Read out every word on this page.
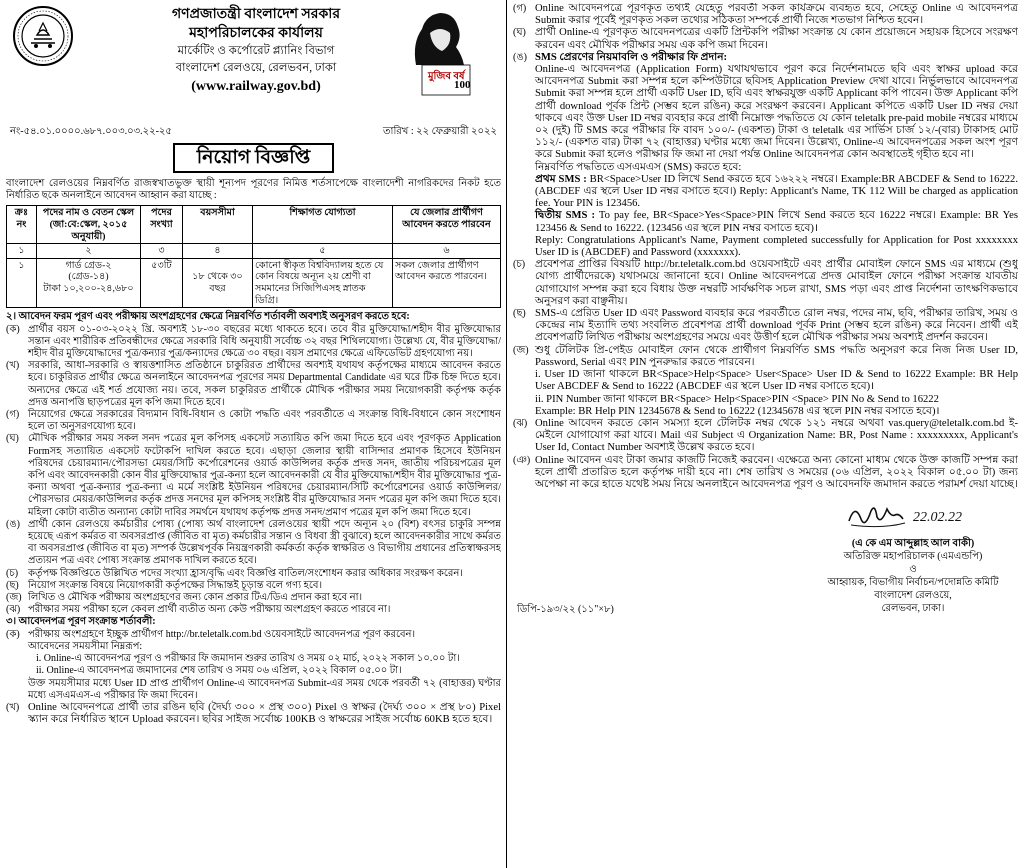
গণপ্রজাতন্ত্রী বাংলাদেশ সরকার
মহাপরিচালকের কার্যালয়
মার্কেটিং ও কর্পোরেট প্ল্যানিং বিভাগ
বাংলাদেশ রেলওয়ে, রেলভবন, ঢাকা
(www.railway.gov.bd)
মুজিব বর্ষ
100
নং-৫৪.০১.০০০০.৬৮৭.০০৩.০৩.২২-২৫	তারিখ : ২২ ফেব্রুয়ারী ২০২২
নিয়োগ বিজ্ঞপ্তি
বাংলাদেশ রেলওয়ের নিম্নবর্ণিত রাজস্বখাতভুক্ত স্থায়ী শূন্যপদ পূরণের নিমিত্ত শর্তসাপেক্ষে বাংলাদেশী নাগরিকদের নিকট হতে নির্ধারিত ছকে অনলাইনে আবেদন আহ্বান করা যাচ্ছে :
ক্রঃ নং	পদের নাম ও বেতন স্কেল (জা:বে:স্কেল, ২০১৫ অনুযায়ী)	পদের সংখ্যা	বয়সসীমা	শিক্ষাগত যোগ্যতা	যে জেলার প্রার্থীগণ আবেদন করতে পারবেন
১	২	৩	৪	৫	৬
১	গার্ড গ্রেড-২
(গ্রেড-১৪)
টাকা ১০,২০০-২৪,৬৮০	৫৩টি	১৮ থেকে ৩০ বছর	কোনো স্বীকৃত বিশ্ববিদ্যালয় হতে যে কোন বিষয়ে অন্যূন ২য় শ্রেণী বা সমমানের সিজিপিএসহ স্নাতক ডিগ্রি।	সকল জেলার প্রার্থীগণ আবেদন করতে পারবেন।
২। আবেদন ফরম পূরণ এবং পরীক্ষায় অংশগ্রহণের ক্ষেত্রে নিম্নবর্ণিত শর্তাবলী অবশ্যই অনুসরণ করতে হবে:
(ক) প্রার্থীর বয়স ০১-০৩-২০২২ খ্রি. অবশ্যই ১৮-৩০ বছরের মধ্যে থাকতে হবে। তবে বীর মুক্তিযোদ্ধা/শহীদ বীর মুক্তিযোদ্ধার সন্তান এবং শারীরিক প্রতিবন্ধীদের ক্ষেত্রে সরকারি বিধি অনুযায়ী সর্বোচ্চ ৩২ বছর শিথিলযোগ্য। উল্লেখ্য যে, বীর মুক্তিযোদ্ধা/শহীদ বীর মুক্তিযোদ্ধাদের পুত্র/কন্যার পুত্র/কন্যাদের ক্ষেত্রে ৩০ বছর। বয়স প্রমাণের ক্ষেত্রে এফিডেভিট গ্রহণযোগ্য নয়।
(খ) সরকারি, আধা-সরকারি ও স্বায়ত্তশাসিত প্রতিষ্ঠানে চাকুরিরত প্রার্থীদের অবশ্যই যথাযথ কর্তৃপক্ষের মাধ্যমে আবেদন করতে হবে। চাকুরিরত প্রার্থীর ক্ষেত্রে অনলাইনে আবেদনপত্র পূরণের সময় Departmental Candidate এর ঘরে টিক চিহ্ন দিতে হবে। অন্যদের ক্ষেত্রে এই শর্ত প্রযোজ্য নয়। তবে, সকল চাকুরিরত প্রার্থীকে মৌখিক পরীক্ষার সময় নিয়োগকারী কর্তৃপক্ষ কর্তৃক প্রদত্ত অনাপত্তি ছাড়পত্রের মূল কপি জমা দিতে হবে।
(গ) নিয়োগের ক্ষেত্রে সরকারের বিদ্যমান বিধি-বিধান ও কোটা পদ্ধতি এবং পরবর্তীতে এ সংক্রান্ত বিধি-বিধানে কোন সংশোধন হলে তা অনুসরণযোগ্য হবে।
(ঘ) মৌখিক পরীক্ষার সময় সকল সনদ পত্রের মূল কপিসহ একসেট সত্যায়িত কপি জমা দিতে হবে এবং পূরণকৃত Application Formসহ সত্যায়িত একসেট ফটোকপি দাখিল করতে হবে। এছাড়া জেলার স্থায়ী বাসিন্দার প্রমাণক হিসেবে ইউনিয়ন পরিষদের চেয়ারম্যান/পৌরসভা মেয়র/সিটি কর্পোরেশনের ওয়ার্ড কাউন্সিলর কর্তৃক প্রদত্ত সনদ, জাতীয় পরিচয়পত্রের মূল কপি এবং আবেদনকারী কোন বীর মুক্তিযোদ্ধার পুত্র-কন্যা হলে আবেদনকারী যে বীর মুক্তিযোদ্ধা/শহীদ বীর মুক্তিযোদ্ধার পুত্র-কন্যা অথবা পুত্র-কন্যার পুত্র-কন্যা এ মর্মে সংশ্লিষ্ট ইউনিয়ন পরিষদের চেয়ারম্যান/সিটি কর্পোরেশনের ওয়ার্ড কাউন্সিলর/পৌরসভার মেয়র/কাউন্সিলর কর্তৃক প্রদত্ত সনদের মূল কপিসহ সংশ্লিষ্ট বীর মুক্তিযোদ্ধার সনদ পত্রের মূল কপি জমা দিতে হবে। মহিলা কোটা ব্যতীত অন্যান্য কোটা দাবির সমর্থনে যথাযথ কর্তৃপক্ষ প্রদত্ত সনদ/প্রমাণ পত্রের মূল কপি জমা দিতে হবে।
(ঙ) প্রার্থী কোন রেলওয়ে কর্মচারীর পোষ্য (পোষ্য অর্থ বাংলাদেশ রেলওয়ের স্থায়ী পদে অন্যূন ২০ (বিশ) বৎসর চাকুরি সম্পন্ন হয়েছে এরূপ কর্মরত বা অবসরপ্রাপ্ত (জীবিত বা মৃত) কর্মচারীর সন্তান ও বিধবা স্ত্রী বুঝাবে) হলে আবেদনকারীর সাথে কর্মরত বা অবসরপ্রাপ্ত (জীবিত বা মৃত) সম্পর্ক উল্লেখপূর্বক নিয়ন্ত্রণকারী কর্মকর্তা কর্তৃক স্বাক্ষরিত ও বিভাগীয় প্রধানের প্রতিস্বাক্ষরসহ প্রত্যয়ন পত্র এবং পোষ্য সংক্রান্ত প্রমাণক দাখিল করতে হবে।
(চ) কর্তৃপক্ষ বিজ্ঞপ্তিতে উল্লিখিত পদের সংখ্যা হ্রাস/বৃদ্ধি এবং বিজ্ঞপ্তি বাতিল/সংশোধন করার অধিকার সংরক্ষণ করেন।
(ছ) নিয়োগ সংক্রান্ত বিষয়ে নিয়োগকারী কর্তৃপক্ষের সিদ্ধান্তই চূড়ান্ত বলে গণ্য হবে।
(জ) লিখিত ও মৌখিক পরীক্ষায় অংশগ্রহণের জন্য কোন প্রকার টিএ/ডিএ প্রদান করা হবে না।
(ঝ) পরীক্ষার সময় পরীক্ষা হলে কেবল প্রার্থী ব্যতীত অন্য কেউ পরীক্ষায় অংশগ্রহণ করতে পারবে না।
৩। আবেদনপত্র পূরণ সংক্রান্ত শর্তাবলী:
(ক) পরীক্ষায় অংশগ্রহণে ইচ্ছুক প্রার্থীগণ http://br.teletalk.com.bd ওয়েবসাইটে আবেদনপত্র পূরণ করবেন।
আবেদনের সময়সীমা নিম্নরূপ:
i. Online-এ আবেদনপত্র পূরণ ও পরীক্ষার ফি জমাদান শুরুর তারিখ ও সময় ০২ মার্চ, ২০২২ সকাল ১০.০০ টা।
ii. Online-এ আবেদনপত্র জমাদানের শেষ তারিখ ও সময় ০৬ এপ্রিল, ২০২২ বিকাল ০৫.০০ টা।
উক্ত সময়সীমার মধ্যে User ID প্রাপ্ত প্রার্থীগণ Online-এ আবেদনপত্র Submit-এর সময় থেকে পরবর্তী ৭২ (বাহাত্তর) ঘণ্টার মধ্যে এসএমএস-এ পরীক্ষার ফি জমা দিবেন।
(খ) Online আবেদনপত্রে প্রার্থী তার রঙিন ছবি (দৈর্ঘ্য ৩০০ × প্রস্থ ৩০০) Pixel ও স্বাক্ষর (দৈর্ঘ্য ৩০০ × প্রস্থ ৮০) Pixel স্ক্যান করে নির্ধারিত স্থানে Upload করবেন। ছবির সাইজ সর্বোচ্চ 100KB ও স্বাক্ষরের সাইজ সর্বোচ্চ 60KB হতে হবে।
(গ) Online আবেদনপত্রে পূরণকৃত তথ্যই যেহেতু পরবর্তী সকল কার্যক্রমে ব্যবহৃত হবে, সেহেতু Online এ আবেদনপত্র Submit করার পূর্বেই পূরণকৃত সকল তথ্যের সঠিকতা সম্পর্কে প্রার্থী নিজে শতভাগ নিশ্চিত হবেন।
(ঘ) প্রার্থী Online-এ পূরণকৃত আবেদনপত্রের একটি প্রিন্টকপি পরীক্ষা সংক্রান্ত যে কোন প্রয়োজনে সহায়ক হিসেবে সংরক্ষণ করবেন এবং মৌখিক পরীক্ষার সময় এক কপি জমা দিবেন।
(ঙ) SMS প্রেরণের নিয়মাবলি ও পরীক্ষার ফি প্রদান:
Online-এ আবেদনপত্র (Application Form) যথাযথভাবে পূরণ করে নির্দেশনামতে ছবি এবং স্বাক্ষর upload করে আবেদনপত্র Submit করা সম্পন্ন হলে কম্পিউটারে ছবিসহ Application Preview দেখা যাবে। নির্ভুলভাবে আবেদনপত্র Submit করা সম্পন্ন হলে প্রার্থী একটি User ID, ছবি এবং স্বাক্ষরযুক্ত একটি Applicant কপি পাবেন। উক্ত Applicant কপি প্রার্থী download পূর্বক প্রিন্ট (সম্ভব হলে রঙিন) করে সংরক্ষণ করবেন। Applicant কপিতে একটি User ID নম্বর দেয়া থাকবে এবং উক্ত User ID নম্বর ব্যবহার করে প্রার্থী নিম্নোক্ত পদ্ধতিতে যে কোন teletalk pre-paid mobile নম্বরের মাধ্যমে ০২ (দুই) টি SMS করে পরীক্ষার ফি বাবদ ১০০/- (একশত) টাকা ও teletalk এর সার্ভিস চার্জ ১২/-(বার) টাকাসহ মোট ১১২/- (একশত বার) টাকা ৭২ (বাহাত্তর) ঘণ্টার মধ্যে জমা দিবেন। উল্লেখ্য, Online-এ আবেদনপত্রের সকল অংশ পূরণ করে Submit করা হলেও পরীক্ষার ফি জমা না দেয়া পর্যন্ত Online আবেদনপত্র কোন অবস্থাতেই গৃহীত হবে না।
নিম্নবর্ণিত পদ্ধতিতে এসএমএস (SMS) করতে হবে:
প্রথম SMS : BR<Space>User ID লিখে Send করতে হবে ১৬২২২ নম্বরে। Example:BR ABCDEF & Send to 16222. (ABCDEF এর স্থলে User ID নম্বর বসাতে হবে।) Reply: Applicant's Name, TK 112 Will be charged as application fee. Your PIN is 123456.
দ্বিতীয় SMS : To pay fee, BR<Space>Yes<Space>PIN লিখে Send করতে হবে 16222 নম্বরে। Example: BR Yes 123456 & Send to 16222. (123456 এর স্থলে PIN নম্বর বসাতে হবে)।
Reply: Congratulations Applicant's Name, Payment completed successfully for Application for Post xxxxxxxx User ID is (ABCDEF) and Password (xxxxxxx).
(চ) প্রবেশপত্র প্রাপ্তির বিষয়টি http://br.teletalk.com.bd ওয়েবসাইটে এবং প্রার্থীর মোবাইল ফোনে SMS এর মাধ্যমে (শুধু যোগ্য প্রার্থীদেরকে) যথাসময়ে জানানো হবে। Online আবেদনপত্রে প্রদত্ত মোবাইল ফোনে পরীক্ষা সংক্রান্ত যাবতীয় যোগাযোগ সম্পন্ন করা হবে বিধায় উক্ত নম্বরটি সার্বক্ষণিক সচল রাখা, SMS পড়া এবং প্রাপ্ত নির্দেশনা তাৎক্ষণিকভাবে অনুসরণ করা বাঞ্ছনীয়।
(ছ) SMS-এ প্রেরিত User ID এবং Password ব্যবহার করে পরবর্তীতে রোল নম্বর, পদের নাম, ছবি, পরীক্ষার তারিখ, সময় ও কেন্দ্রের নাম ইত্যাদি তথ্য সংবলিত প্রবেশপত্র প্রার্থী download পূর্বক Print (সম্ভব হলে রঙিন) করে নিবেন। প্রার্থী এই প্রবেশপত্রটি লিখিত পরীক্ষায় অংশগ্রহণের সময়ে এবং উত্তীর্ণ হলে মৌখিক পরীক্ষার সময় অবশ্যই প্রদর্শন করবেন।
(জ) শুধু টেলিটক প্রি-পেইড মোবাইল ফোন থেকে প্রার্থীগণ নিম্নবর্ণিত SMS পদ্ধতি অনুসরণ করে নিজ নিজ User ID, Password, Serial এবং PIN পুনরুদ্ধার করতে পারবেন।
i. User ID জানা থাকলে BR<Space>Help<Space> User<Space> User ID & Send to 16222 Example: BR Help User ABCDEF & Send to 16222 (ABCDEF এর স্থলে User ID নম্বর বসাতে হবে)।
ii. PIN Number জানা থাকলে BR<Space> Help<Space>PIN <Space> PIN No & Send to 16222
Example: BR Help PIN 12345678 & Send to 16222 (12345678 এর স্থলে PIN নম্বর বসাতে হবে)।
(ঝ) Online আবেদন করতে কোন সমস্যা হলে টেলিটক নম্বর থেকে ১২১ নম্বরে অথবা vas.query@teletalk.com.bd ই-মেইলে যোগাযোগ করা যাবে। Mail এর Subject এ Organization Name: BR, Post Name : xxxxxxxxx, Applicant's User Id, Contact Number অবশ্যই উল্লেখ করতে হবে।
(ঞ) Online আবেদন এবং টাকা জমার কাজটি নিজেই করবেন। এক্ষেত্রে অন্য কোনো মাধ্যম থেকে উক্ত কাজটি সম্পন্ন করা হলে প্রার্থী প্রতারিত হলে কর্তৃপক্ষ দায়ী হবে না। শেষ তারিখ ও সময়ের (০৬ এপ্রিল, ২০২২ বিকাল ০৫.০০ টা) জন্য অপেক্ষা না করে হাতে যথেষ্ট সময় নিয়ে অনলাইনে আবেদনপত্র পূরণ ও আবেদনফি জমাদান করতে পরামর্শ দেয়া যাচ্ছে।
22.02.22
(এ কে এম আব্দুল্লাহ আল বাকী)
অতিরিক্ত মহাপরিচালক (এমএন্ডপি)
ও
আহ্বায়ক, বিভাগীয় নির্বাচন/পদোন্নতি কমিটি
বাংলাদেশ রেলওয়ে,
রেলভবন, ঢাকা।
ডিপি-১৯৩/২২ (১১"×৮)
